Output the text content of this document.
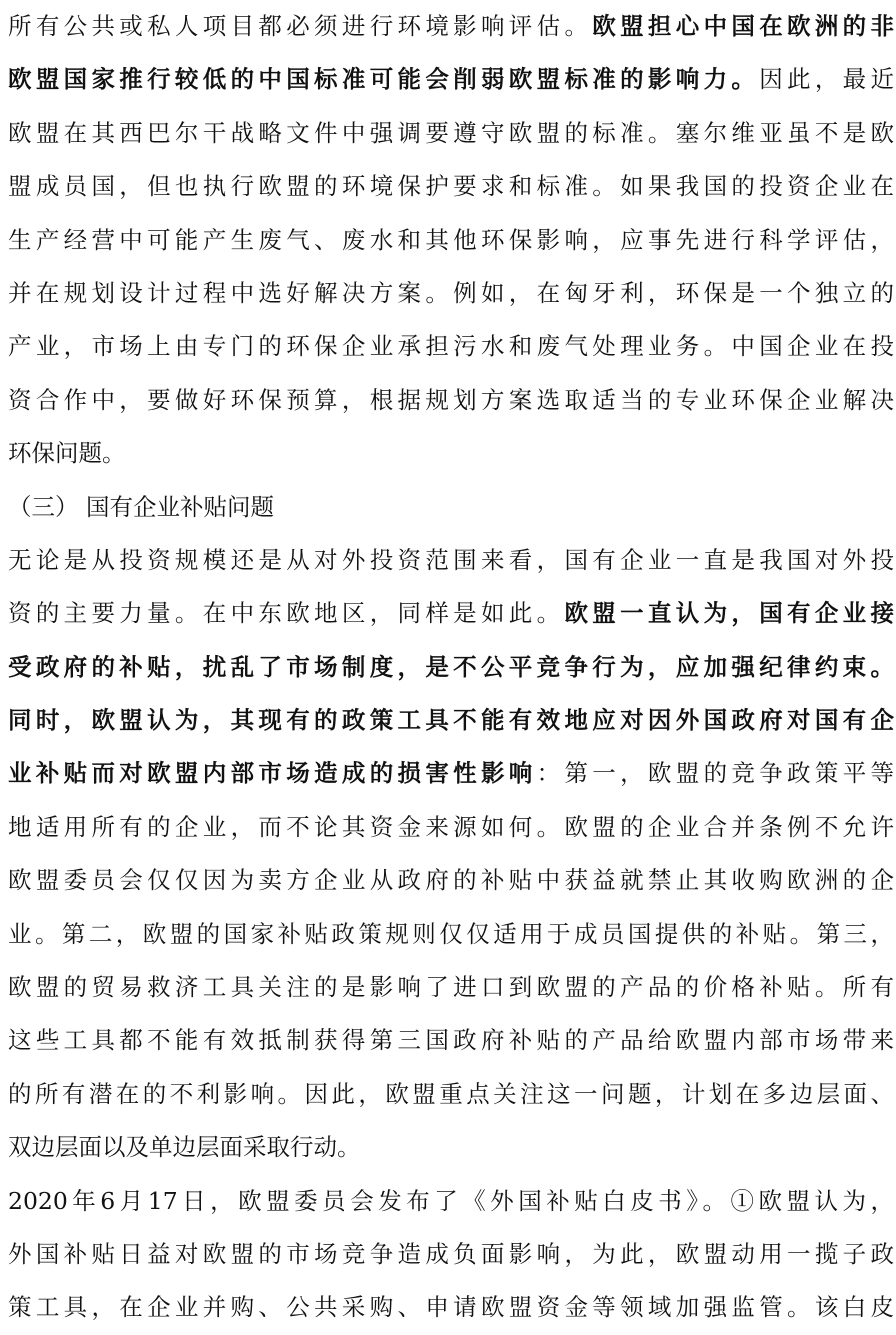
所有公共或私人项目都必须进行环境影响评估。欧盟担心中国在欧洲的非
欧盟国家推行较低的中国标准可能会削弱欧盟标准的影响力。因此，最近
欧盟在其西巴尔干战略文件中强调要遵守欧盟的标准。塞尔维亚虽不是欧
盟成员国，但也执行欧盟的环境保护要求和标准。如果我国的投资企业在
生产经营中可能产生废气、废水和其他环保影响，应事先进行科学评估，
并在规划设计过程中选好解决方案。例如，在匈牙利，环保是一个独立的
产业，市场上由专门的环保企业承担污水和废气处理业务。中国企业在投
资合作中，要做好环保预算，根据规划方案选取适当的专业环保企业解决
环保问题。
（三） 国有企业补贴问题
无论是从投资规模还是从对外投资范围来看，国有企业一直是我国对外投
资的主要力量。在中东欧地区，同样是如此。欧盟一直认为，国有企业接
受政府的补贴，扰乱了市场制度，是不公平竞争行为，应加强纪律约束。
同时，欧盟认为，其现有的政策工具不能有效地应对因外国政府对国有企
业补贴而对欧盟内部市场造成的损害性影响：第一，欧盟的竞争政策平等
地适用所有的企业，而不论其资金来源如何。欧盟的企业合并条例不允许
欧盟委员会仅仅因为卖方企业从政府的补贴中获益就禁止其收购欧洲的企
业。第二，欧盟的国家补贴政策规则仅仅适用于成员国提供的补贴。第三，
欧盟的贸易救济工具关注的是影响了进口到欧盟的产品的价格补贴。所有
这些工具都不能有效抵制获得第三国政府补贴的产品给欧盟内部市场带来
的所有潜在的不利影响。因此，欧盟重点关注这一问题，计划在多边层面、
双边层面以及单边层面采取行动。
2020年6月17日，欧盟委员会发布了《外国补贴白皮书》。①欧盟认为，
外国补贴日益对欧盟的市场竞争造成负面影响，为此，欧盟动用一揽子政
策工具，在企业并购、公共采购、申请欧盟资金等领域加强监管。该白皮
